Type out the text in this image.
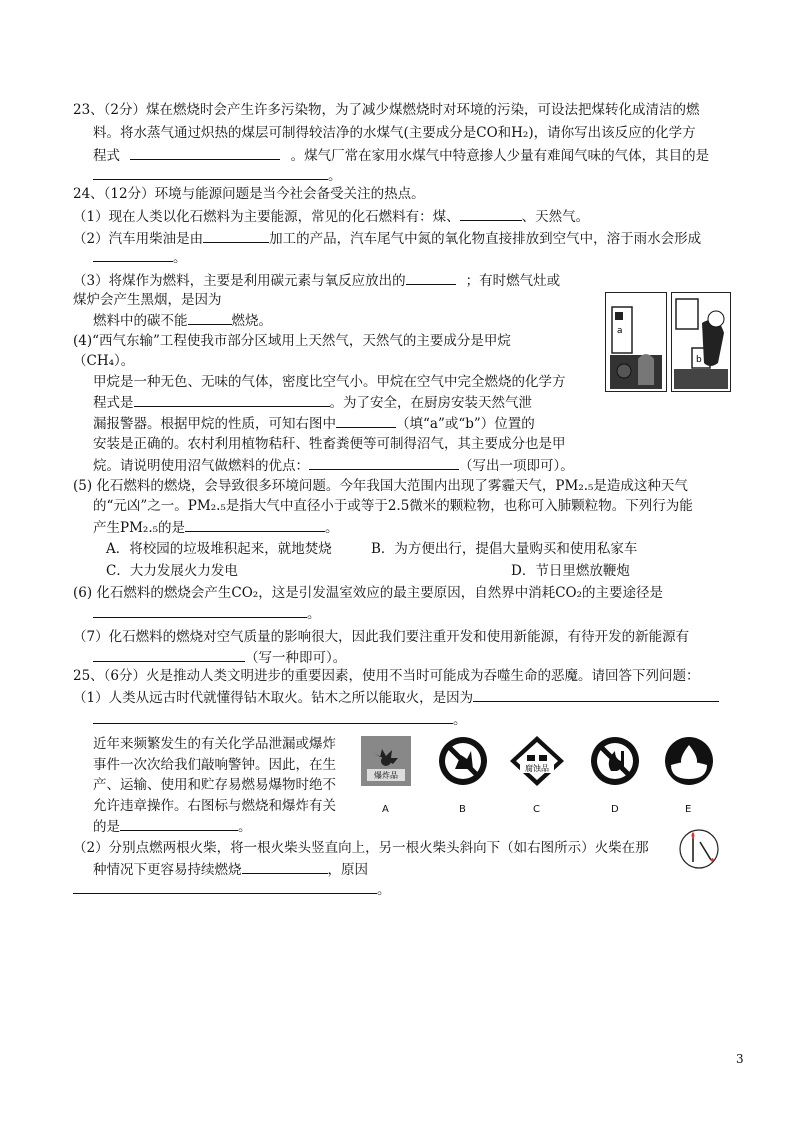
23、（2分）煤在燃烧时会产生许多污染物，为了减少煤燃烧时对环境的污染，可设法把煤转化成清洁的燃
料。将水蒸气通过炽热的煤层可制得较洁净的水煤气(主要成分是CO和H₂)，请你写出该反应的化学方
程式	。煤气厂常在家用水煤气中特意掺人少量有难闻气味的气体，其目的是
。
24、（12分）环境与能源问题是当今社会备受关注的热点。
（1）现在人类以化石燃料为主要能源，常见的化石燃料有：煤、	、天然气。
（2）汽车用柴油是由	加工的产品，汽车尾气中氮的氧化物直接排放到空气中，溶于雨水会形成
。
（3）将煤作为燃料，主要是利用碳元素与氧反应放出的	；有时燃气灶或
煤炉会产生黑烟，是因为
燃料中的碳不能	燃烧。
a
b
(4)“西气东输”工程使我市部分区域用上天然气，天然气的主要成分是甲烷
（CH₄）。
甲烷是一种无色、无味的气体，密度比空气小。甲烷在空气中完全燃烧的化学方
程式是	。为了安全，在厨房安装天然气泄
漏报警器。根据甲烷的性质，可知右图中	（填“a”或“b”）位置的
安装是正确的。农村利用植物秸秆、牲畜粪便等可制得沼气，其主要成分也是甲
烷。请说明使用沼气做燃料的优点：	（写出一项即可）。
(5) 化石燃料的燃烧，会导致很多环境问题。今年我国大范围内出现了雾霾天气，PM₂.₅是造成这种天气
的“元凶”之一。PM₂.₅是指大气中直径小于或等于2.5微米的颗粒物，也称可入肺颗粒物。下列行为能
产生PM₂.₅的是	。
A．将校园的垃圾堆积起来，就地焚烧	B．为方便出行，提倡大量购买和使用私家车
C．大力发展火力发电	D．节日里燃放鞭炮
(6) 化石燃料的燃烧会产生CO₂，这是引发温室效应的最主要原因，自然界中消耗CO₂的主要途径是
。
（7）化石燃料的燃烧对空气质量的影响很大，因此我们要注重开发和使用新能源，有待开发的新能源有
（写一种即可）。
25、（6分）火是推动人类文明进步的重要因素，使用不当时可能成为吞噬生命的恶魔。请回答下列问题：
（1）人类从远古时代就懂得钻木取火。钻木之所以能取火，是因为
。
近年来频繁发生的有关化学品泄漏或爆炸
事件一次次给我们敲响警钟。因此，在生
产、运输、使用和贮存易燃易爆物时绝不
允许违章操作。右图标与燃烧和爆炸有关
的是	。
爆炸品
A	B
腐蚀品
C	D	E
（2）分别点燃两根火柴，将一根火柴头竖直向上，另一根火柴头斜向下（如右图所示）火柴在那
种情况下更容易持续燃烧	，原因
。
3
